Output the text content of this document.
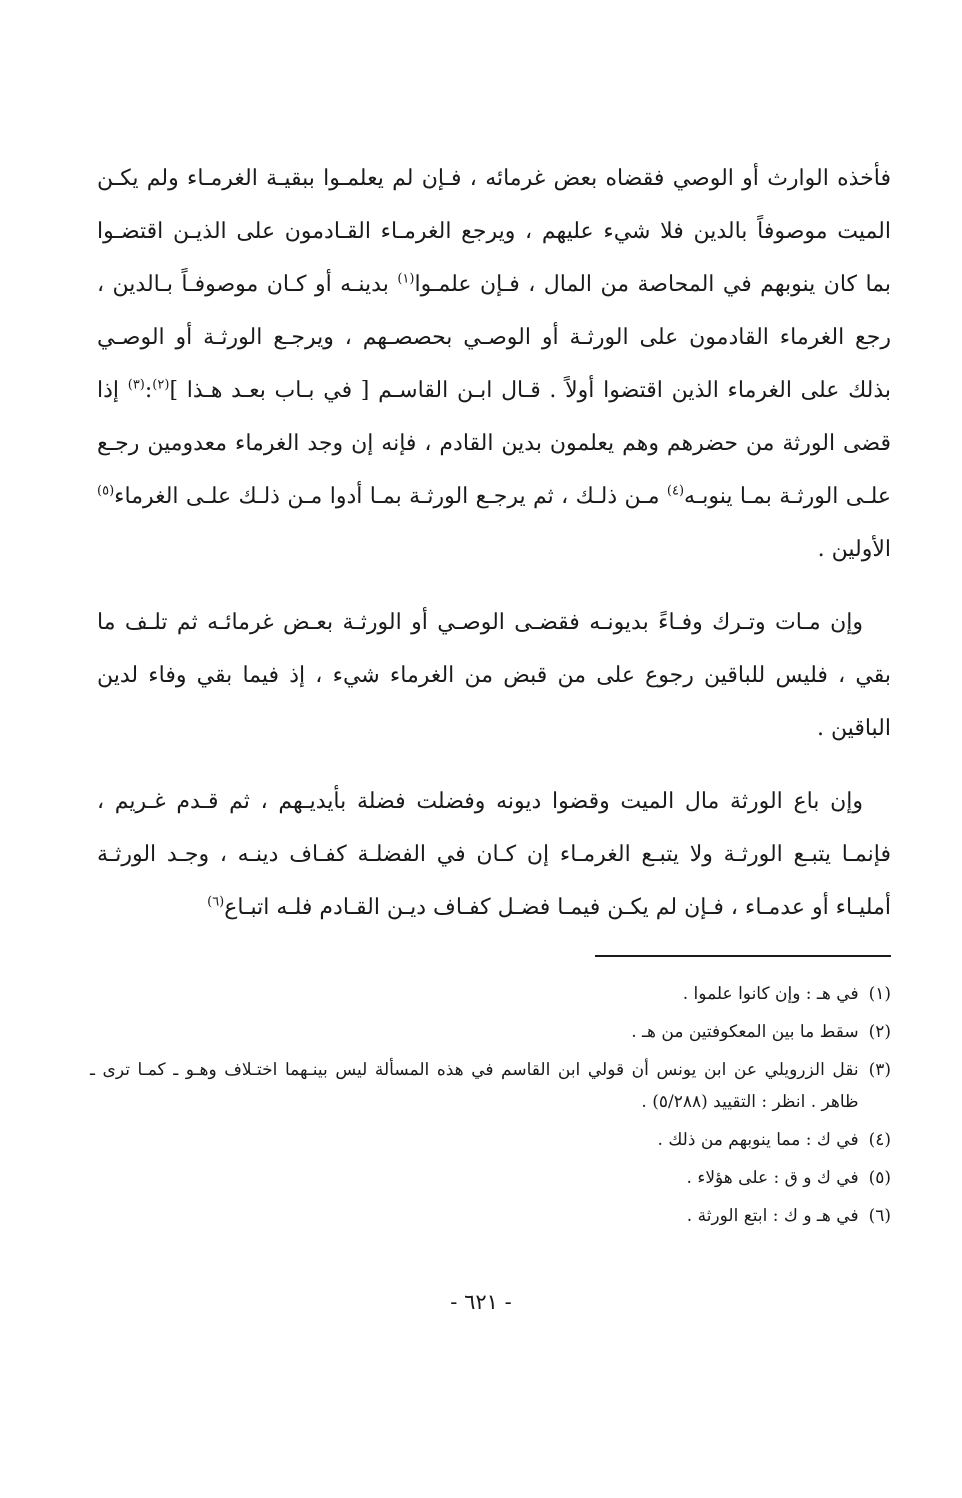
فأخذه الوارث أو الوصي فقضاه بعض غرمائه ، فـإن لم يعلمـوا ببقيـة الغرمـاء ولم يكـن الميت موصوفاً بالدين فلا شيء عليهم ، ويرجع الغرمـاء القـادمون على الذيـن اقتضـوا بما كان ينوبهم في المحاصة من المال ، فـإن علمـوا$^{(١)}$ بدينـه أو كـان موصوفـاً بـالدين ، رجع الغرماء القادمون على الورثـة أو الوصـي بحصصـهم ، ويرجـع الورثـة أو الوصـي بذلك على الغرماء الذين اقتضوا أولاً . قـال ابـن القاسـم [ في بـاب بعـد هـذا ]$^{(٢)}$:$^{(٣)}$ إذا قضى الورثة من حضرهم وهم يعلمون بدين القادم ، فإنه إن وجد الغرماء معدومين رجـع علـى الورثـة بمـا ينوبـه$^{(٤)}$ مـن ذلـك ، ثم يرجـع الورثـة بمـا أدوا مـن ذلـك علـى الغرماء$^{(٥)}$ الأولين .

وإن مـات وتـرك وفـاءً بديونـه فقضـى الوصـي أو الورثـة بعـض غرمائـه ثم تلـف ما بقي ، فليس للباقين رجوع على من قبض من الغرماء شيء ، إذ فيما بقي وفاء لدين الباقين .

وإن باع الورثة مال الميت وقضوا ديونه وفضلت فضلة بأيديـهم ، ثم قـدم غـريم ، فإنمـا يتبـع الورثـة ولا يتبـع الغرمـاء إن كـان في الفضلـة كفـاف دينـه ، وجـد الورثـة أمليـاء أو عدمـاء ، فـإن لم يكـن فيمـا فضـل كفـاف ديـن القـادم فلـه اتبـاع$^{(٦)}$

(١)
في هـ : وإن كانوا علموا .
(٢)
سقط ما بين المعكوفتين من هـ .
(٣)
نقل الزرويلي عن ابن يونس أن قولي ابن القاسم في هذه المسألة ليس بينـهما اختـلاف وهـو ـ كمـا ترى ـ ظاهر . انظر : التقييد (٥/٢٨٨) .
(٤)
في ك : مما ينوبهم من ذلك .
(٥)
في ك و ق : على هؤلاء .
(٦)
في هـ و ك : ابتع الورثة .
- ٦٢١ -
